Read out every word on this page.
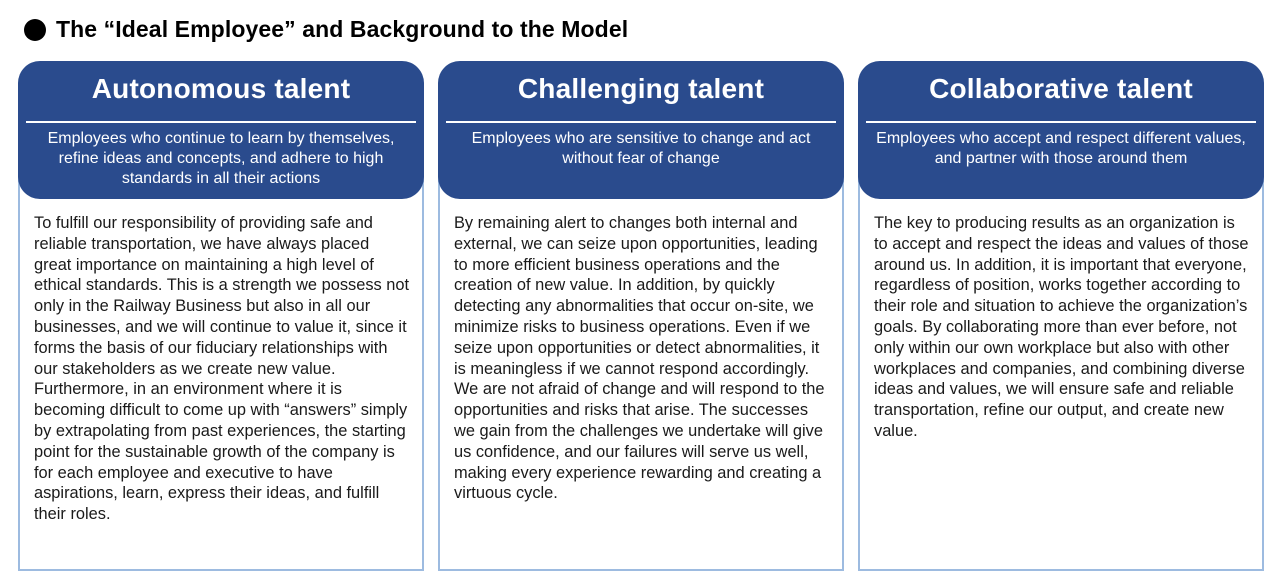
The “Ideal Employee” and Background to the Model
Autonomous talent
Employees who continue to learn by themselves, refine ideas and concepts, and adhere to high standards in all their actions
To fulfill our responsibility of providing safe and reliable transportation, we have always placed great importance on maintaining a high level of ethical standards. This is a strength we possess not only in the Railway Business but also in all our businesses, and we will continue to value it, since it forms the basis of our fiduciary relationships with our stakeholders as we create new value. Furthermore, in an environment where it is becoming difficult to come up with “answers” simply by extrapolating from past experiences, the starting point for the sustainable growth of the company is for each employee and executive to have aspirations, learn, express their ideas, and fulfill their roles.
Challenging talent
Employees who are sensitive to change and act without fear of change
By remaining alert to changes both internal and external, we can seize upon opportunities, leading to more efficient business operations and the creation of new value. In addition, by quickly detecting any abnormalities that occur on-site, we minimize risks to business operations. Even if we seize upon opportunities or detect abnormalities, it is meaningless if we cannot respond accordingly. We are not afraid of change and will respond to the opportunities and risks that arise. The successes we gain from the challenges we undertake will give us confidence, and our failures will serve us well, making every experience rewarding and creating a virtuous cycle.
Collaborative talent
Employees who accept and respect different values, and partner with those around them
The key to producing results as an organization is to accept and respect the ideas and values of those around us. In addition, it is important that everyone, regardless of position, works together according to their role and situation to achieve the organization’s goals. By collaborating more than ever before, not only within our own workplace but also with other workplaces and companies, and combining diverse ideas and values, we will ensure safe and reliable transportation, refine our output, and create new value.
